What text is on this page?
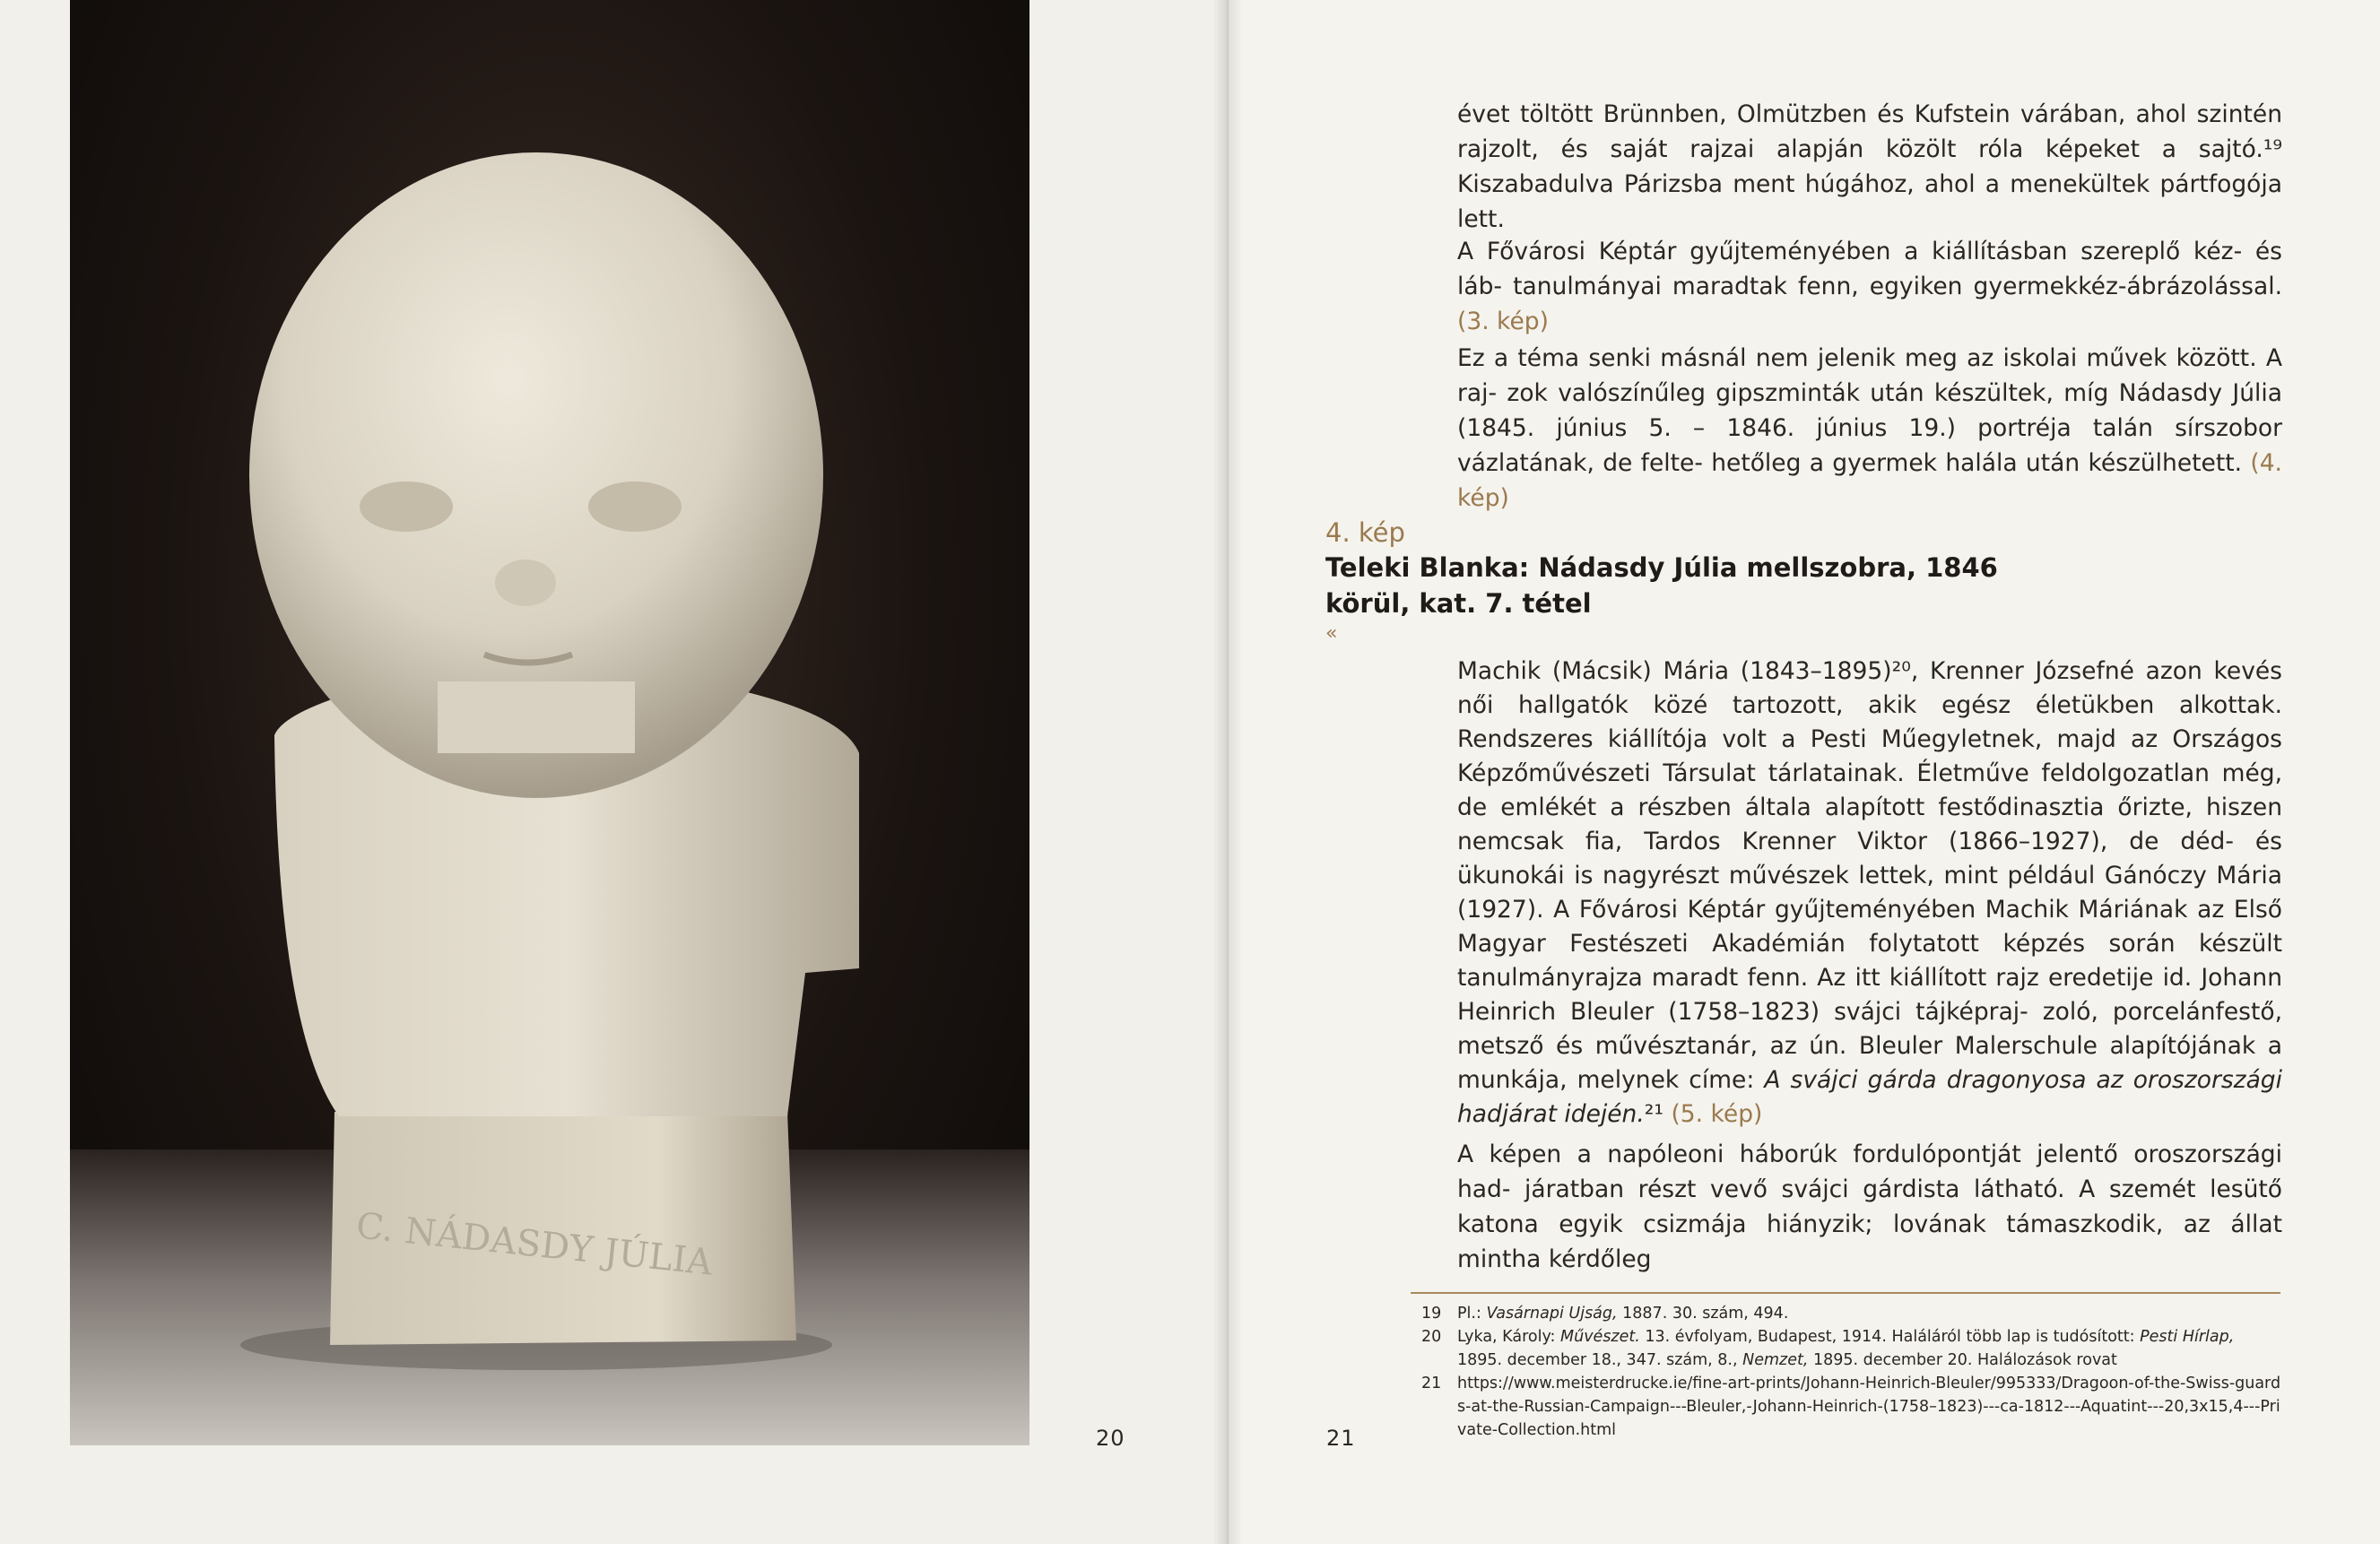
C. NÁDASDY JÚLIA
20

évet töltött Brünnben, Olmützben és Kufstein várában, ahol szintén rajzolt, és saját rajzai alapján közölt róla képeket a sajtó.¹⁹ Kiszabadulva Párizsba ment húgához, ahol a menekültek pártfogója lett.

A Fővárosi Képtár gyűjteményében a kiállításban szereplő kéz- és láb- tanulmányai maradtak fenn, egyiken gyermekkéz-ábrázolással. (3. kép)

Ez a téma senki másnál nem jelenik meg az iskolai művek között. A raj- zok valószínűleg gipszminták után készültek, míg Nádasdy Júlia (1845. június 5. – 1846. június 19.) portréja talán sírszobor vázlatának, de felte- hetőleg a gyermek halála után készülhetett. (4. kép)

4. kép
Teleki Blanka: Nádasdy Júlia mellszobra, 1846 körül, kat. 7. tétel
«

Machik (Mácsik) Mária (1843–1895)²⁰, Krenner Józsefné azon kevés női hallgatók közé tartozott, akik egész életükben alkottak. Rendszeres kiállítója volt a Pesti Műegyletnek, majd az Országos Képzőművészeti Társulat tárlatainak. Életműve feldolgozatlan még, de emlékét a részben általa alapított festődinasztia őrizte, hiszen nemcsak fia, Tardos Krenner Viktor (1866–1927), de déd- és ükunokái is nagyrészt művészek lettek, mint például Gánóczy Mária (1927). A Fővárosi Képtár gyűjteményében Machik Máriának az Első Magyar Festészeti Akadémián folytatott képzés során készült tanulmányrajza maradt fenn. Az itt kiállított rajz eredetije id. Johann Heinrich Bleuler (1758–1823) svájci tájképraj- zoló, porcelánfestő, metsző és művésztanár, az ún. Bleuler Malerschule alapítójának a munkája, melynek címe: A svájci gárda dragonyosa az oroszországi hadjárat idején.²¹ (5. kép)

A képen a napóleoni háborúk fordulópontját jelentő oroszországi had- járatban részt vevő svájci gárdista látható. A szemét lesütő katona egyik csizmája hiányzik; lovának támaszkodik, az állat mintha kérdőleg

19 Pl.: Vasárnapi Ujság, 1887. 30. szám, 494.
20 Lyka, Károly: Művészet. 13. évfolyam, Budapest, 1914. Haláláról több lap is tudósított: Pesti Hírlap, 1895. december 18., 347. szám, 8., Nemzet, 1895. december 20. Halálozások rovat
21 https://www.meisterdrucke.ie/fine-art-prints/Johann-Heinrich-Bleuler/995333/Dragoon-of-the-Swiss-guards-at-the-Russian-Campaign---Bleuler,-Johann-Heinrich-(1758–1823)---ca-1812---Aquatint---20,3x15,4---Private-Collection.html
21
